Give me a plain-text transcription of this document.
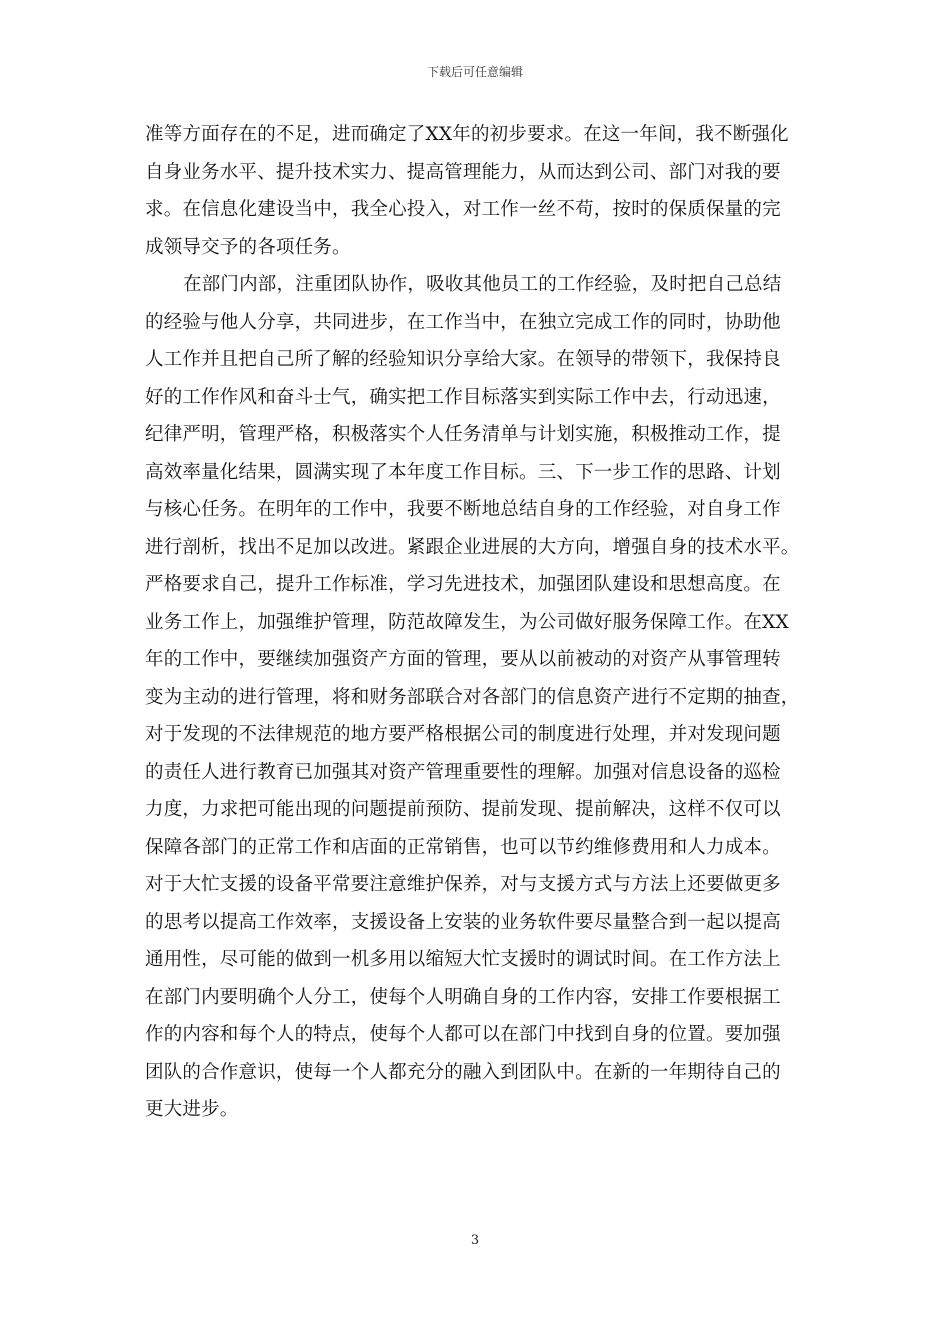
下载后可任意编辑
准等方面存在的不足，进而确定了XX年的初步要求。在这一年间，我不断强化
自身业务水平、提升技术实力、提高管理能力，从而达到公司、部门对我的要
求。在信息化建设当中，我全心投入，对工作一丝不苟，按时的保质保量的完
成领导交予的各项任务。
在部门内部，注重团队协作，吸收其他员工的工作经验，及时把自己总结
的经验与他人分享，共同进步，在工作当中，在独立完成工作的同时，协助他
人工作并且把自己所了解的经验知识分享给大家。在领导的带领下，我保持良
好的工作作风和奋斗士气，确实把工作目标落实到实际工作中去，行动迅速，
纪律严明，管理严格，积极落实个人任务清单与计划实施，积极推动工作，提
高效率量化结果，圆满实现了本年度工作目标。三、下一步工作的思路、计划
与核心任务。在明年的工作中，我要不断地总结自身的工作经验，对自身工作
进行剖析，找出不足加以改进。紧跟企业进展的大方向，增强自身的技术水平。
严格要求自己，提升工作标准，学习先进技术，加强团队建设和思想高度。在
业务工作上，加强维护管理，防范故障发生，为公司做好服务保障工作。在XX
年的工作中，要继续加强资产方面的管理，要从以前被动的对资产从事管理转
变为主动的进行管理，将和财务部联合对各部门的信息资产进行不定期的抽查，
对于发现的不法律规范的地方要严格根据公司的制度进行处理，并对发现问题
的责任人进行教育已加强其对资产管理重要性的理解。加强对信息设备的巡检
力度，力求把可能出现的问题提前预防、提前发现、提前解决，这样不仅可以
保障各部门的正常工作和店面的正常销售，也可以节约维修费用和人力成本。
对于大忙支援的设备平常要注意维护保养，对与支援方式与方法上还要做更多
的思考以提高工作效率，支援设备上安装的业务软件要尽量整合到一起以提高
通用性，尽可能的做到一机多用以缩短大忙支援时的调试时间。在工作方法上
在部门内要明确个人分工，使每个人明确自身的工作内容，安排工作要根据工
作的内容和每个人的特点，使每个人都可以在部门中找到自身的位置。要加强
团队的合作意识，使每一个人都充分的融入到团队中。在新的一年期待自己的
更大进步。
3
